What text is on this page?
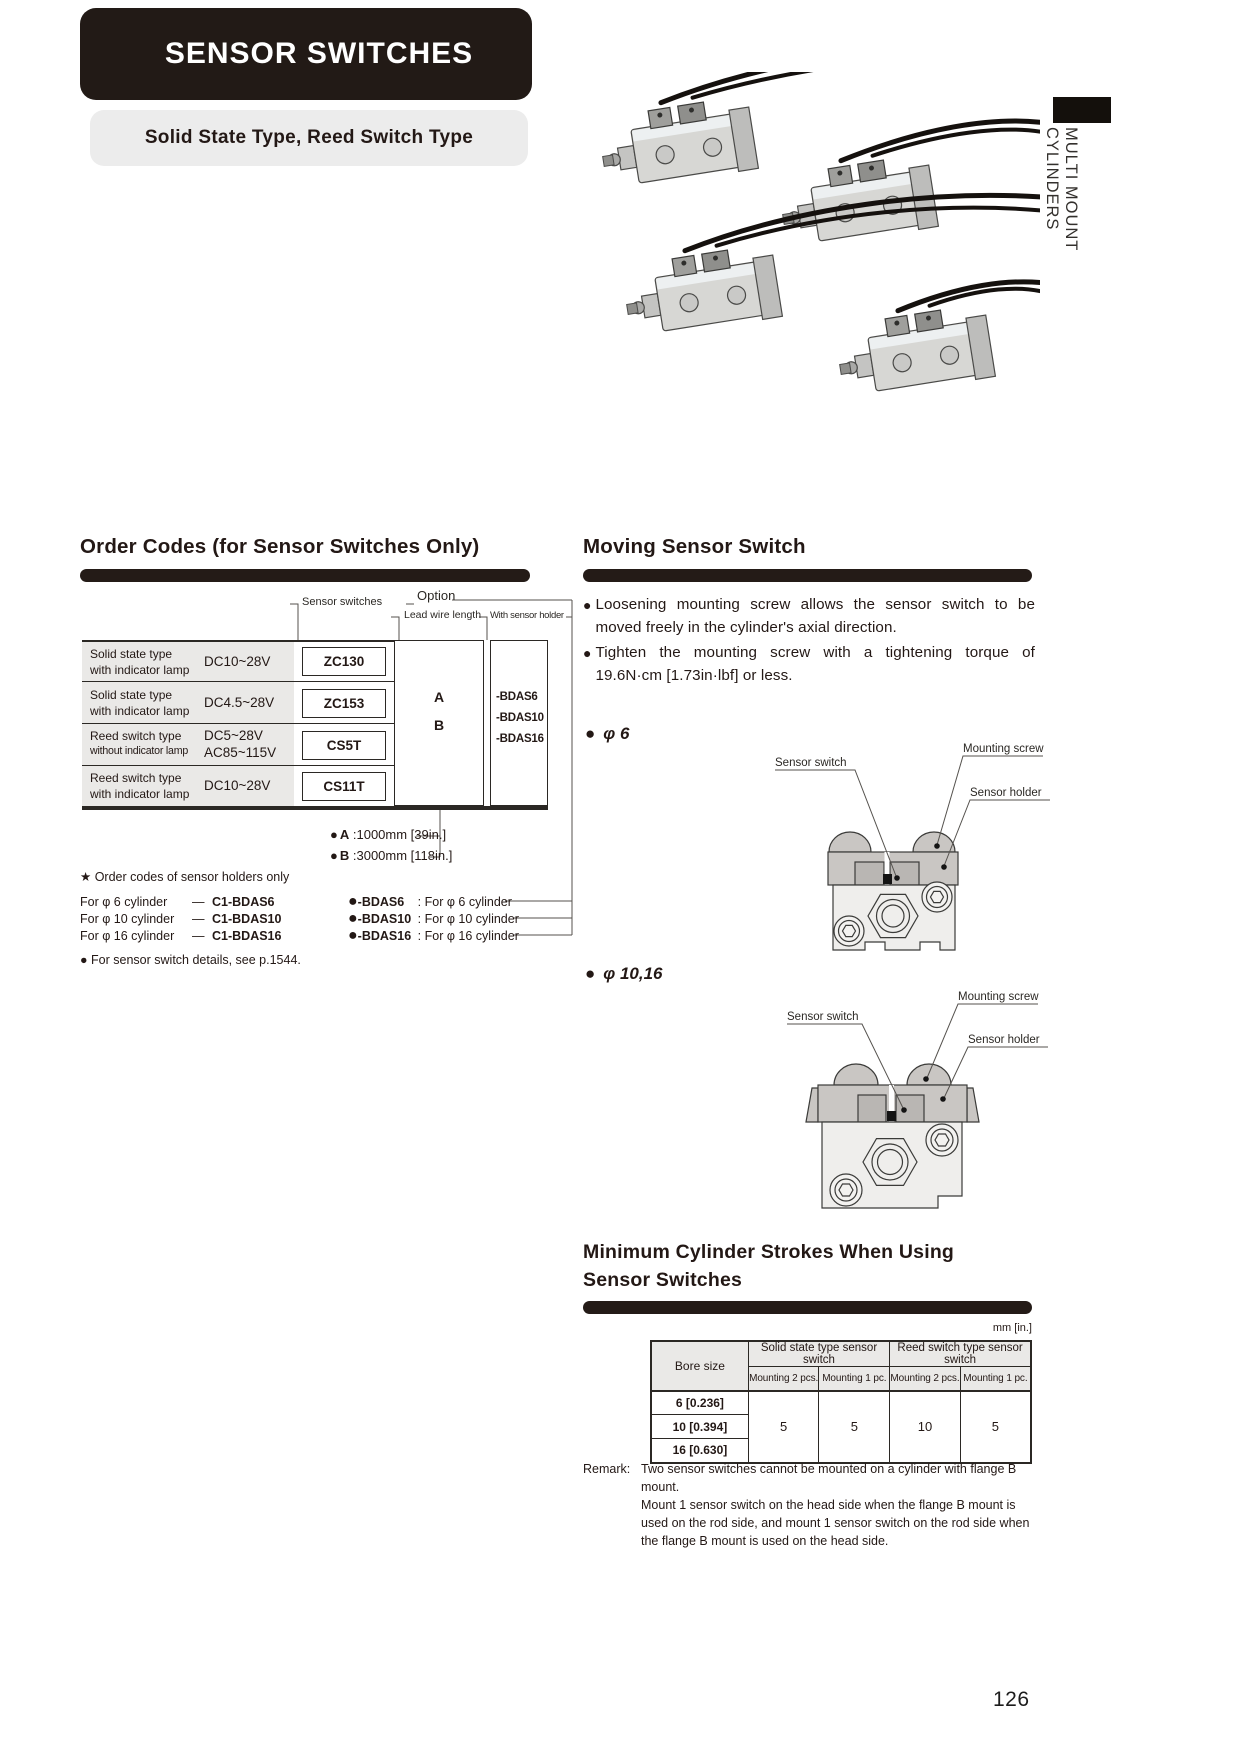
SENSOR SWITCHES
Solid State Type, Reed Switch Type	MULTI MOUNT CYLINDERS
Order Codes (for Sensor Switches Only)
Sensor switches	Option
Lead wire length With sensor holder
Solid state type
with indicator lamp
DC10~28V	ZC130
Solid state type
with indicator lamp
DC4.5~28V	ZC153
Reed switch type
without indicator lamp
DC5~28V
AC85~115V	CS5T
Reed switch type
with indicator lamp
DC10~28V	CS11T
A
B
-BDAS6
-BDAS10
-BDAS16
● A :1000mm [39in.]
● B :3000mm [118in.]
★ Order codes of sensor holders only
For φ 6 cylinder — C1-BDAS6
For φ 10 cylinder — C1-BDAS10
For φ 16 cylinder — C1-BDAS16
●-BDAS6 : For φ 6 cylinder
●-BDAS10 : For φ 10 cylinder
●-BDAS16 : For φ 16 cylinder
● For sensor switch details, see p.1544.
Moving Sensor Switch
● Loosening mounting screw allows the sensor switch to be moved freely in the cylinder's axial direction.
● Tighten the mounting screw with a tightening torque of 19.6N·cm [1.73in·lbf] or less.
● φ 6
Sensor switch
Mounting screw
Sensor holder
● φ 10,16
Sensor switch
Mounting screw
Sensor holder
Minimum Cylinder Strokes When Using Sensor Switches
mm [in.]
Bore size	Solid state type sensor switch		Reed switch type sensor switch	
	Mounting 2 pcs.	Mounting 1 pc.	Mounting 2 pcs.	Mounting 1 pc.
6 [0.236]	5	5	10	5
10 [0.394]				
16 [0.630]				
Remark: Two sensor switches cannot be mounted on a cylinder with flange B mount.

Mount 1 sensor switch on the head side when the flange B mount is used on the rod side, and mount 1 sensor switch on the rod side when the flange B mount is used on the head side.

126
